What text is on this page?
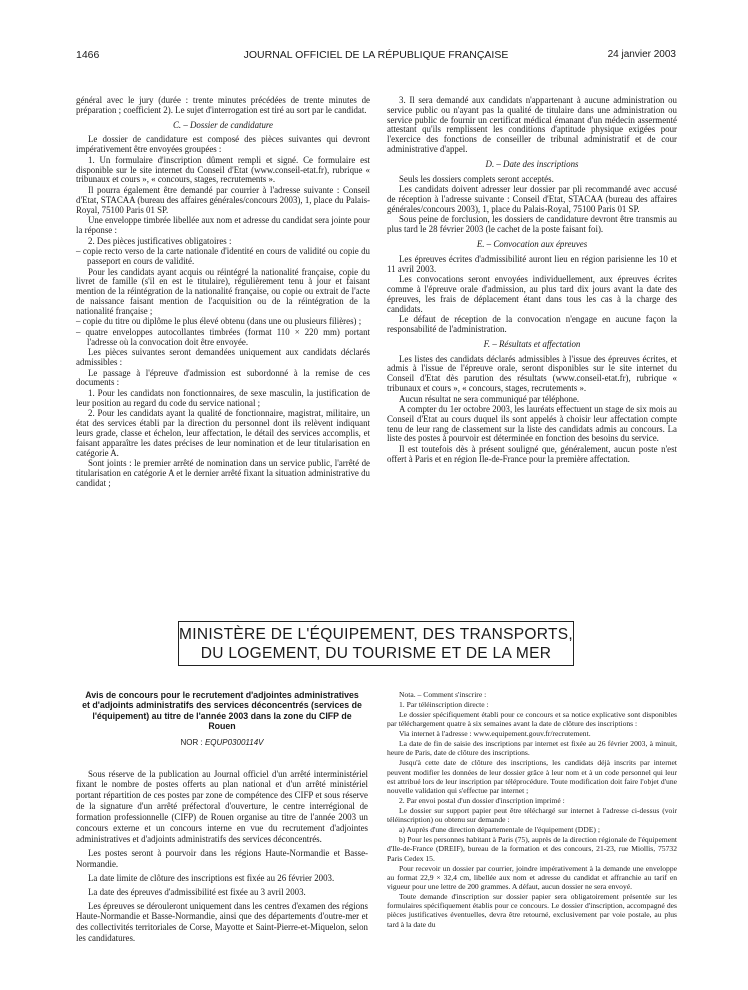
1466	JOURNAL OFFICIEL DE LA RÉPUBLIQUE FRANÇAISE	24 janvier 2003

général avec le jury (durée : trente minutes précédées de trente minutes de préparation ; coefficient 2). Le sujet d'interrogation est tiré au sort par le candidat.

C. – Dossier de candidature

Le dossier de candidature est composé des pièces suivantes qui devront impérativement être envoyées groupées :

1. Un formulaire d'inscription dûment rempli et signé. Ce formulaire est disponible sur le site internet du Conseil d'Etat (www.conseil-etat.fr), rubrique « tribunaux et cours », « concours, stages, recrutements ».

Il pourra également être demandé par courrier à l'adresse suivante : Conseil d'Etat, STACAA (bureau des affaires générales/concours 2003), 1, place du Palais-Royal, 75100 Paris 01 SP.

Une enveloppe timbrée libellée aux nom et adresse du candidat sera jointe pour la réponse :

2. Des pièces justificatives obligatoires :

– copie recto verso de la carte nationale d'identité en cours de validité ou copie du passeport en cours de validité.

Pour les candidats ayant acquis ou réintégré la nationalité française, copie du livret de famille (s'il en est le titulaire), régulièrement tenu à jour et faisant mention de la réintégration de la nationalité française, ou copie ou extrait de l'acte de naissance faisant mention de l'acquisition ou de la réintégration de la nationalité française ;

– copie du titre ou diplôme le plus élevé obtenu (dans une ou plusieurs filières) ;

– quatre enveloppes autocollantes timbrées (format 110 × 220 mm) portant l'adresse où la convocation doit être envoyée.

Les pièces suivantes seront demandées uniquement aux candidats déclarés admissibles :

Le passage à l'épreuve d'admission est subordonné à la remise de ces documents :

1. Pour les candidats non fonctionnaires, de sexe masculin, la justification de leur position au regard du code du service national ;

2. Pour les candidats ayant la qualité de fonctionnaire, magistrat, militaire, un état des services établi par la direction du personnel dont ils relèvent indiquant leurs grade, classe et échelon, leur affectation, le détail des services accomplis, et faisant apparaître les dates précises de leur nomination et de leur titularisation en catégorie A.

Sont joints : le premier arrêté de nomination dans un service public, l'arrêté de titularisation en catégorie A et le dernier arrêté fixant la situation administrative du candidat ;

3. Il sera demandé aux candidats n'appartenant à aucune administration ou service public ou n'ayant pas la qualité de titulaire dans une administration ou service public de fournir un certificat médical émanant d'un médecin assermenté attestant qu'ils remplissent les conditions d'aptitude physique exigées pour l'exercice des fonctions de conseiller de tribunal administratif et de cour administrative d'appel.

D. – Date des inscriptions

Seuls les dossiers complets seront acceptés.

Les candidats doivent adresser leur dossier par pli recommandé avec accusé de réception à l'adresse suivante : Conseil d'Etat, STACAA (bureau des affaires générales/concours 2003), 1, place du Palais-Royal, 75100 Paris 01 SP.

Sous peine de forclusion, les dossiers de candidature devront être transmis au plus tard le 28 février 2003 (le cachet de la poste faisant foi).

E. – Convocation aux épreuves

Les épreuves écrites d'admissibilité auront lieu en région parisienne les 10 et 11 avril 2003.

Les convocations seront envoyées individuellement, aux épreuves écrites comme à l'épreuve orale d'admission, au plus tard dix jours avant la date des épreuves, les frais de déplacement étant dans tous les cas à la charge des candidats.

Le défaut de réception de la convocation n'engage en aucune façon la responsabilité de l'administration.

F. – Résultats et affectation

Les listes des candidats déclarés admissibles à l'issue des épreuves écrites, et admis à l'issue de l'épreuve orale, seront disponibles sur le site internet du Conseil d'Etat dès parution des résultats (www.conseil-etat.fr), rubrique « tribunaux et cours », « concours, stages, recrutements ».

Aucun résultat ne sera communiqué par téléphone.

A compter du 1er octobre 2003, les lauréats effectuent un stage de six mois au Conseil d'Etat au cours duquel ils sont appelés à choisir leur affectation compte tenu de leur rang de classement sur la liste des candidats admis au concours. La liste des postes à pourvoir est déterminée en fonction des besoins du service.

Il est toutefois dès à présent souligné que, généralement, aucun poste n'est offert à Paris et en région Ile-de-France pour la première affectation.

MINISTÈRE DE L'ÉQUIPEMENT, DES TRANSPORTS,
DU LOGEMENT, DU TOURISME ET DE LA MER
Avis de concours pour le recrutement d'adjointes administratives et d'adjoints administratifs des services déconcentrés (services de l'équipement) au titre de l'année 2003 dans la zone du CIFP de Rouen
NOR : EQUP0300114V

Sous réserve de la publication au Journal officiel d'un arrêté interministériel fixant le nombre de postes offerts au plan national et d'un arrêté ministériel portant répartition de ces postes par zone de compétence des CIFP et sous réserve de la signature d'un arrêté préfectoral d'ouverture, le centre interrégional de formation professionnelle (CIFP) de Rouen organise au titre de l'année 2003 un concours externe et un concours interne en vue du recrutement d'adjointes administratives et d'adjoints administratifs des services déconcentrés.

Les postes seront à pourvoir dans les régions Haute-Normandie et Basse-Normandie.

La date limite de clôture des inscriptions est fixée au 26 février 2003.

La date des épreuves d'admissibilité est fixée au 3 avril 2003.

Les épreuves se dérouleront uniquement dans les centres d'examen des régions Haute-Normandie et Basse-Normandie, ainsi que des départements d'outre-mer et des collectivités territoriales de Corse, Mayotte et Saint-Pierre-et-Miquelon, selon les candidatures.

Nota. – Comment s'inscrire :

1. Par téléinscription directe :

Le dossier spécifiquement établi pour ce concours et sa notice explicative sont disponibles par téléchargement quatre à six semaines avant la date de clôture des inscriptions :

Via internet à l'adresse : www.equipement.gouv.fr/recrutement.

La date de fin de saisie des inscriptions par internet est fixée au 26 février 2003, à minuit, heure de Paris, date de clôture des inscriptions.

Jusqu'à cette date de clôture des inscriptions, les candidats déjà inscrits par internet peuvent modifier les données de leur dossier grâce à leur nom et à un code personnel qui leur est attribué lors de leur inscription par téléprocédure. Toute modification doit faire l'objet d'une nouvelle validation qui s'effectue par internet ;

2. Par envoi postal d'un dossier d'inscription imprimé :

Le dossier sur support papier peut être téléchargé sur internet à l'adresse ci-dessus (voir téléinscription) ou obtenu sur demande :

a) Auprès d'une direction départementale de l'équipement (DDE) ;

b) Pour les personnes habitant à Paris (75), auprès de la direction régionale de l'équipement d'Ile-de-France (DREIF), bureau de la formation et des concours, 21-23, rue Miollis, 75732 Paris Cedex 15.

Pour recevoir un dossier par courrier, joindre impérativement à la demande une enveloppe au format 22,9 × 32,4 cm, libellée aux nom et adresse du candidat et affranchie au tarif en vigueur pour une lettre de 200 grammes. A défaut, aucun dossier ne sera envoyé.

Toute demande d'inscription sur dossier papier sera obligatoirement présentée sur les formulaires spécifiquement établis pour ce concours. Le dossier d'inscription, accompagné des pièces justificatives éventuelles, devra être retourné, exclusivement par voie postale, au plus tard à la date du
